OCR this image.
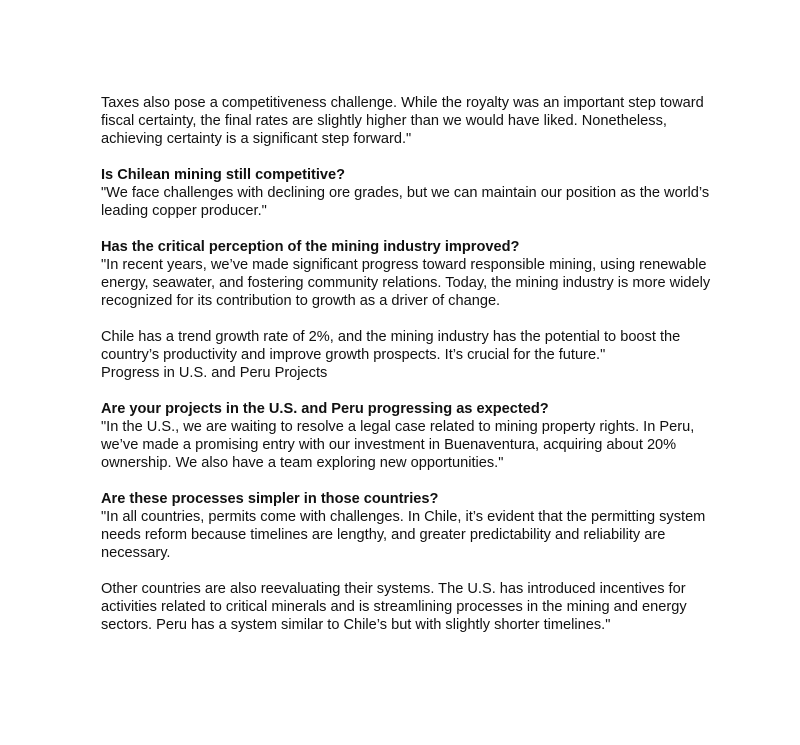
Taxes also pose a competitiveness challenge. While the royalty was an important step toward fiscal certainty, the final rates are slightly higher than we would have liked. Nonetheless, achieving certainty is a significant step forward."
Is Chilean mining still competitive?
"We face challenges with declining ore grades, but we can maintain our position as the world’s leading copper producer."
Has the critical perception of the mining industry improved?
"In recent years, we’ve made significant progress toward responsible mining, using renewable energy, seawater, and fostering community relations. Today, the mining industry is more widely recognized for its contribution to growth as a driver of change.
Chile has a trend growth rate of 2%, and the mining industry has the potential to boost the country’s productivity and improve growth prospects. It’s crucial for the future."
Progress in U.S. and Peru Projects
Are your projects in the U.S. and Peru progressing as expected?
"In the U.S., we are waiting to resolve a legal case related to mining property rights. In Peru, we’ve made a promising entry with our investment in Buenaventura, acquiring about 20% ownership. We also have a team exploring new opportunities."
Are these processes simpler in those countries?
"In all countries, permits come with challenges. In Chile, it’s evident that the permitting system needs reform because timelines are lengthy, and greater predictability and reliability are necessary.
Other countries are also reevaluating their systems. The U.S. has introduced incentives for activities related to critical minerals and is streamlining processes in the mining and energy sectors. Peru has a system similar to Chile’s but with slightly shorter timelines."
